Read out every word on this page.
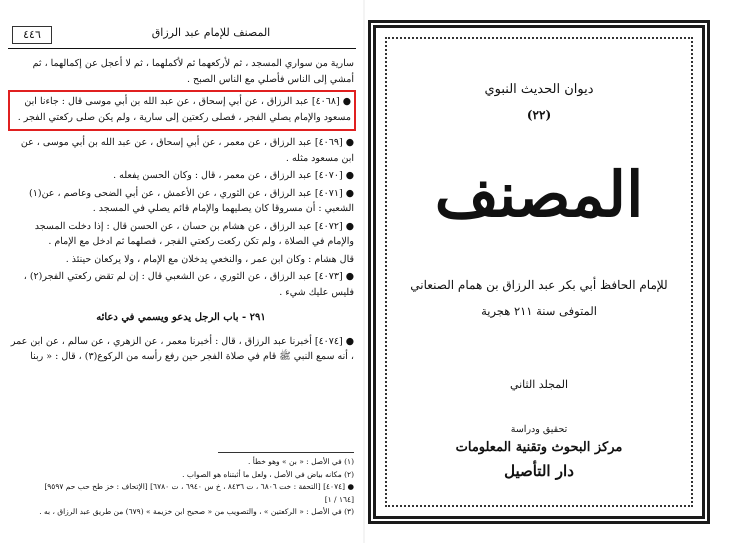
٤٤٦	المصنف للإمام عبد الرزاق

سارية من سواري المسجد ، ثم لأركعهما ثم لأكملهما ، ثم لا أعجل عن إكمالهما ، ثم أمشي إلى الناس فأصلي مع الناس الصبح .

● [٤٠٦٨] عبد الرزاق ، عن أبي إسحاق ، عن عبد الله بن أبي موسى قال : جاءنا ابن مسعود والإمام يصلي الفجر ، فصلى ركعتين إلى سارية ، ولم يكن صلى ركعتي الفجر .

● [٤٠٦٩] عبد الرزاق ، عن معمر ، عن أبي إسحاق ، عن عبد الله بن أبي موسى ، عن ابن مسعود مثله .

● [٤٠٧٠] عبد الرزاق ، عن معمر ، قال : وكان الحسن يفعله .

● [٤٠٧١] عبد الرزاق ، عن الثوري ، عن الأعمش ، عن أبي الضحى وعاصم ، عن(١) الشعبي : أن مسروقا كان يصليهما والإمام قائم يصلي في المسجد .

● [٤٠٧٢] عبد الرزاق ، عن هشام بن حسان ، عن الحسن قال : إذا دخلت المسجد والإمام في الصلاة ، ولم تكن ركعت ركعتي الفجر ، فصلهما ثم ادخل مع الإمام .

قال هشام : وكان ابن عمر ، والنخعي يدخلان مع الإمام ، ولا يركعان حينئذ .

● [٤٠٧٣] عبد الرزاق ، عن الثوري ، عن الشعبي قال : إن لم تقض ركعتي الفجر(٢) ، فليس عليك شيء .

٢٩١ - باب الرجل يدعو ويسمي في دعائه

● [٤٠٧٤] أخبرنا عبد الرزاق ، قال : أخبرنا معمر ، عن الزهري ، عن سالم ، عن ابن عمر ، أنه سمع النبي ﷺ قام في صلاة الفجر حين رفع رأسه من الركوع(٣) ، قال : « ربنا

(١) في الأصل : « بن » وهو خطأ .
(٢) مكانه بياض في الأصل ، ولعل ما أثبتناه هو الصواب .
● [٤٠٧٤] [التحفة : خت ٦٨٠٦ ، ت ٨٤٣٦ ، خ س ٦٩٤٠ ، ت ٦٧٨٠] [الإتحاف : خز طح حب حم ٩٥٩٧]
[١٦٤ / ١]
(٣) في الأصل : « الركعتين » ، والتصويب من « صحيح ابن خزيمة » (٦٧٩) من طريق عبد الرزاق ، به .
ديوان الحديث النبوي
(٢٢)
المصنف
للإمام الحافظ أبي بكر عبد الرزاق بن همام الصنعاني
المتوفى سنة ٢١١ هجرية
المجلد الثاني
تحقيق ودراسة
مركز البحوث وتقنية المعلومات
دار التأصيل
